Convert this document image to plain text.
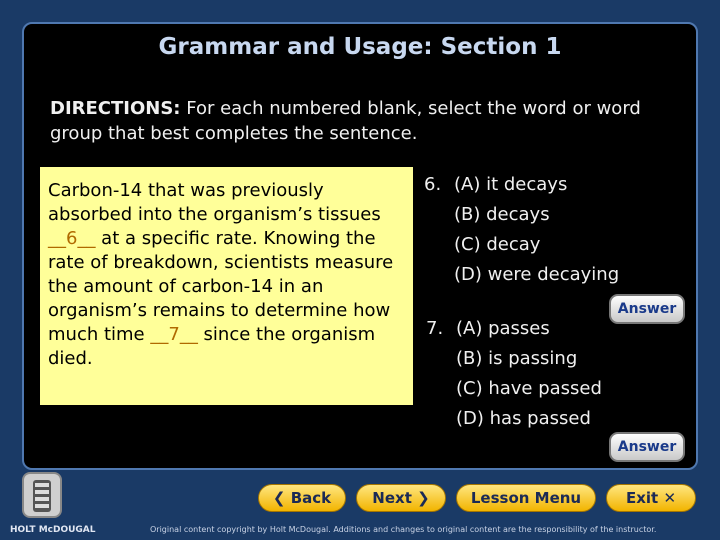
Grammar and Usage: Section 1
DIRECTIONS: For each numbered blank, select the word or word group that best completes the sentence.
Carbon-14 that was previously absorbed into the organism’s tissues __6__ at a specific rate. Knowing the rate of breakdown, scientists measure the amount of carbon-14 in an organism’s remains to determine how much time __7__ since the organism died.
6. (A) it decays
(B) decays
(C) decay
(D) were decaying
Answer
7. (A) passes
(B) is passing
(C) have passed
(D) has passed
Answer
❮ Back	Next ❯	Lesson Menu	Exit ✕
HOLT McDOUGAL	Original content copyright by Holt McDougal. Additions and changes to original content are the responsibility of the instructor.
